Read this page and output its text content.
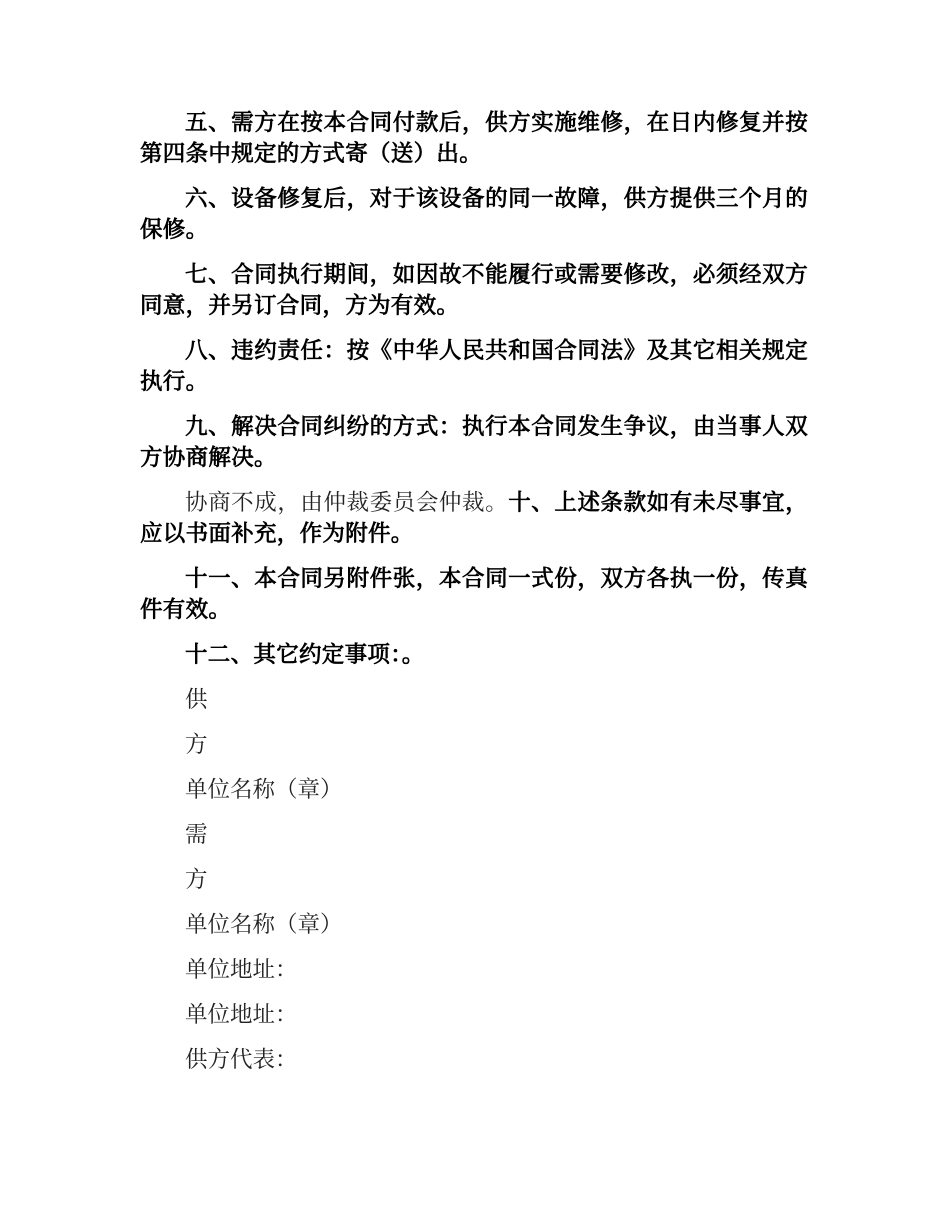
五、需方在按本合同付款后，供方实施维修，在日内修复并按第四条中规定的方式寄（送）出。

六、设备修复后，对于该设备的同一故障，供方提供三个月的保修。

七、合同执行期间，如因故不能履行或需要修改，必须经双方同意，并另订合同，方为有效。

八、违约责任：按《中华人民共和国合同法》及其它相关规定执行。

九、解决合同纠纷的方式：执行本合同发生争议，由当事人双方协商解决。

协商不成，由仲裁委员会仲裁。十、上述条款如有未尽事宜，应以书面补充，作为附件。

十一、本合同另附件张，本合同一式份，双方各执一份，传真件有效。

十二、其它约定事项：。

供

方

单位名称（章）

需

方

单位名称（章）

单位地址：

单位地址：

供方代表：
